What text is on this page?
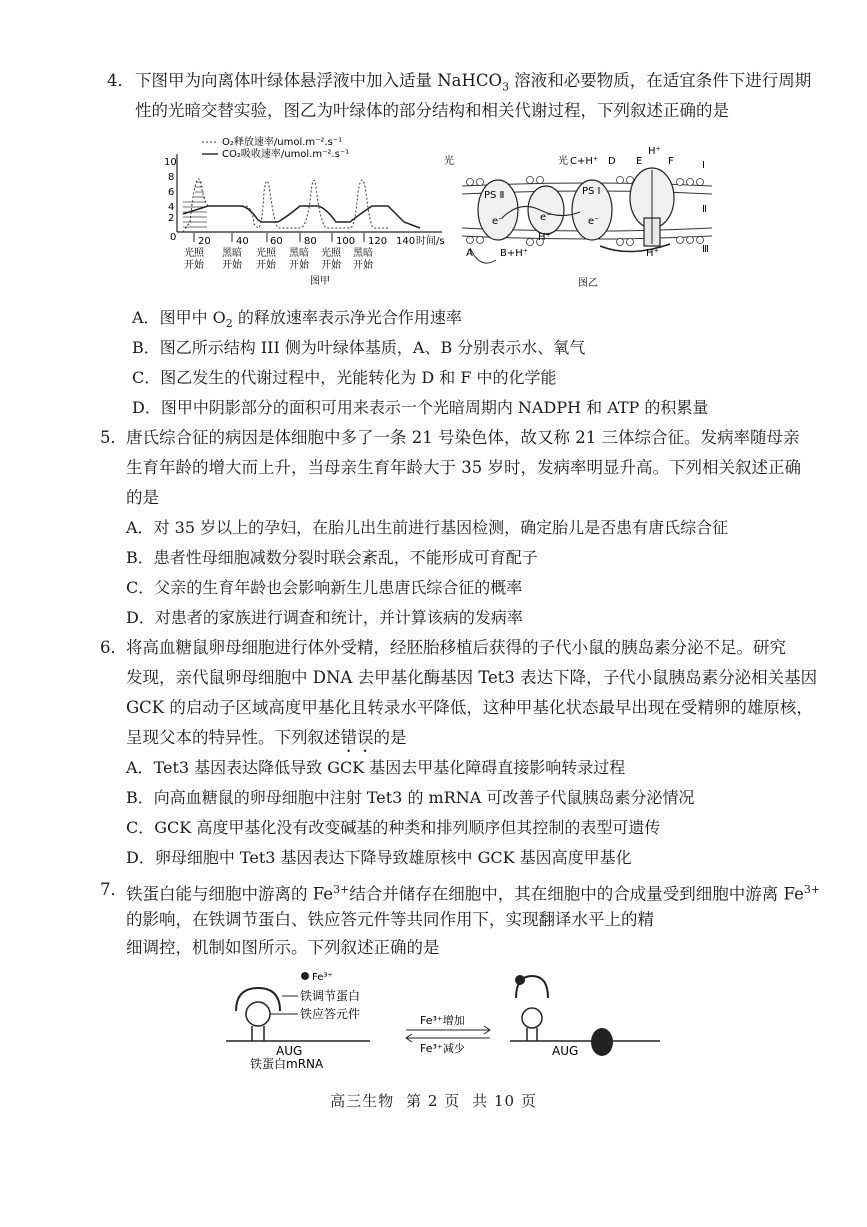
4． 下图甲为向离体叶绿体悬浮液中加入适量 NaHCO$_3$ 溶液和必要物质，在适宜条件下进行周期
性的光暗交替实验，图乙为叶绿体的部分结构和相关代谢过程，下列叙述正确的是
O₂释放速率/umol.m⁻².s⁻¹
CO₂吸收速率/umol.m⁻².s⁻¹
10
8
6
4
2
0 20	40 60 80 100 120 140 时间/s
光照
开始
黑暗
开始
光照
开始
黑暗
开始
光照
开始
黑暗
开始
图甲
PS Ⅱ	PS Ⅰ
光	光 C+H⁺ D E
H⁺
F	Ⅰ
Ⅱ
Ⅲ
e⁻	e⁻	e⁻
H⁺
A	B+H⁺	H⁺
图乙
A．图甲中 $O_2$ 的释放速率表示净光合作用速率
B．图乙所示结构 III 侧为叶绿体基质，A、B 分别表示水、氧气
C．图乙发生的代谢过程中，光能转化为 D 和 F 中的化学能
D．图甲中阴影部分的面积可用来表示一个光暗周期内 NADPH 和 ATP 的积累量
5． 唐氏综合征的病因是体细胞中多了一条 21 号染色体，故又称 21 三体综合征。发病率随母亲
生育年龄的增大而上升，当母亲生育年龄大于 35 岁时，发病率明显升高。下列相关叙述正确
的是
A．对 35 岁以上的孕妇，在胎儿出生前进行基因检测，确定胎儿是否患有唐氏综合征
B．患者性母细胞减数分裂时联会紊乱，不能形成可育配子
C．父亲的生育年龄也会影响新生儿患唐氏综合征的概率
D．对患者的家族进行调查和统计，并计算该病的发病率
6． 将高血糖鼠卵母细胞进行体外受精，经胚胎移植后获得的子代小鼠的胰岛素分泌不足。研究
发现，亲代鼠卵母细胞中 DNA 去甲基化酶基因 Tet3 表达下降，子代小鼠胰岛素分泌相关基因
GCK 的启动子区域高度甲基化且转录水平降低，这种甲基化状态最早出现在受精卵的雄原核，
呈现父本的特异性。下列叙述错误的是
A．Tet3 基因表达降低导致 GCK 基因去甲基化障碍直接影响转录过程
B．向高血糖鼠的卵母细胞中注射 Tet3 的 mRNA 可改善子代鼠胰岛素分泌情况
C．GCK 高度甲基化没有改变碱基的种类和排列顺序但其控制的表型可遗传
D．卵母细胞中 Tet3 基因表达下降导致雄原核中 GCK 基因高度甲基化
7． 铁蛋白能与细胞中游离的 $Fe^{3+}$结合并储存在细胞中，其在细胞中的合成量受到细胞中游离 $Fe^{3+}$
的影响，在铁调节蛋白、铁应答元件等共同作用下，实现翻译水平上的精
细调控，机制如图所示。下列叙述正确的是
Fe³⁺
铁调节蛋白
铁应答元件
AUG
铁蛋白mRNA
Fe³⁺增加
Fe³⁺减少	AUG
高三生物 第 2 页 共 10 页
